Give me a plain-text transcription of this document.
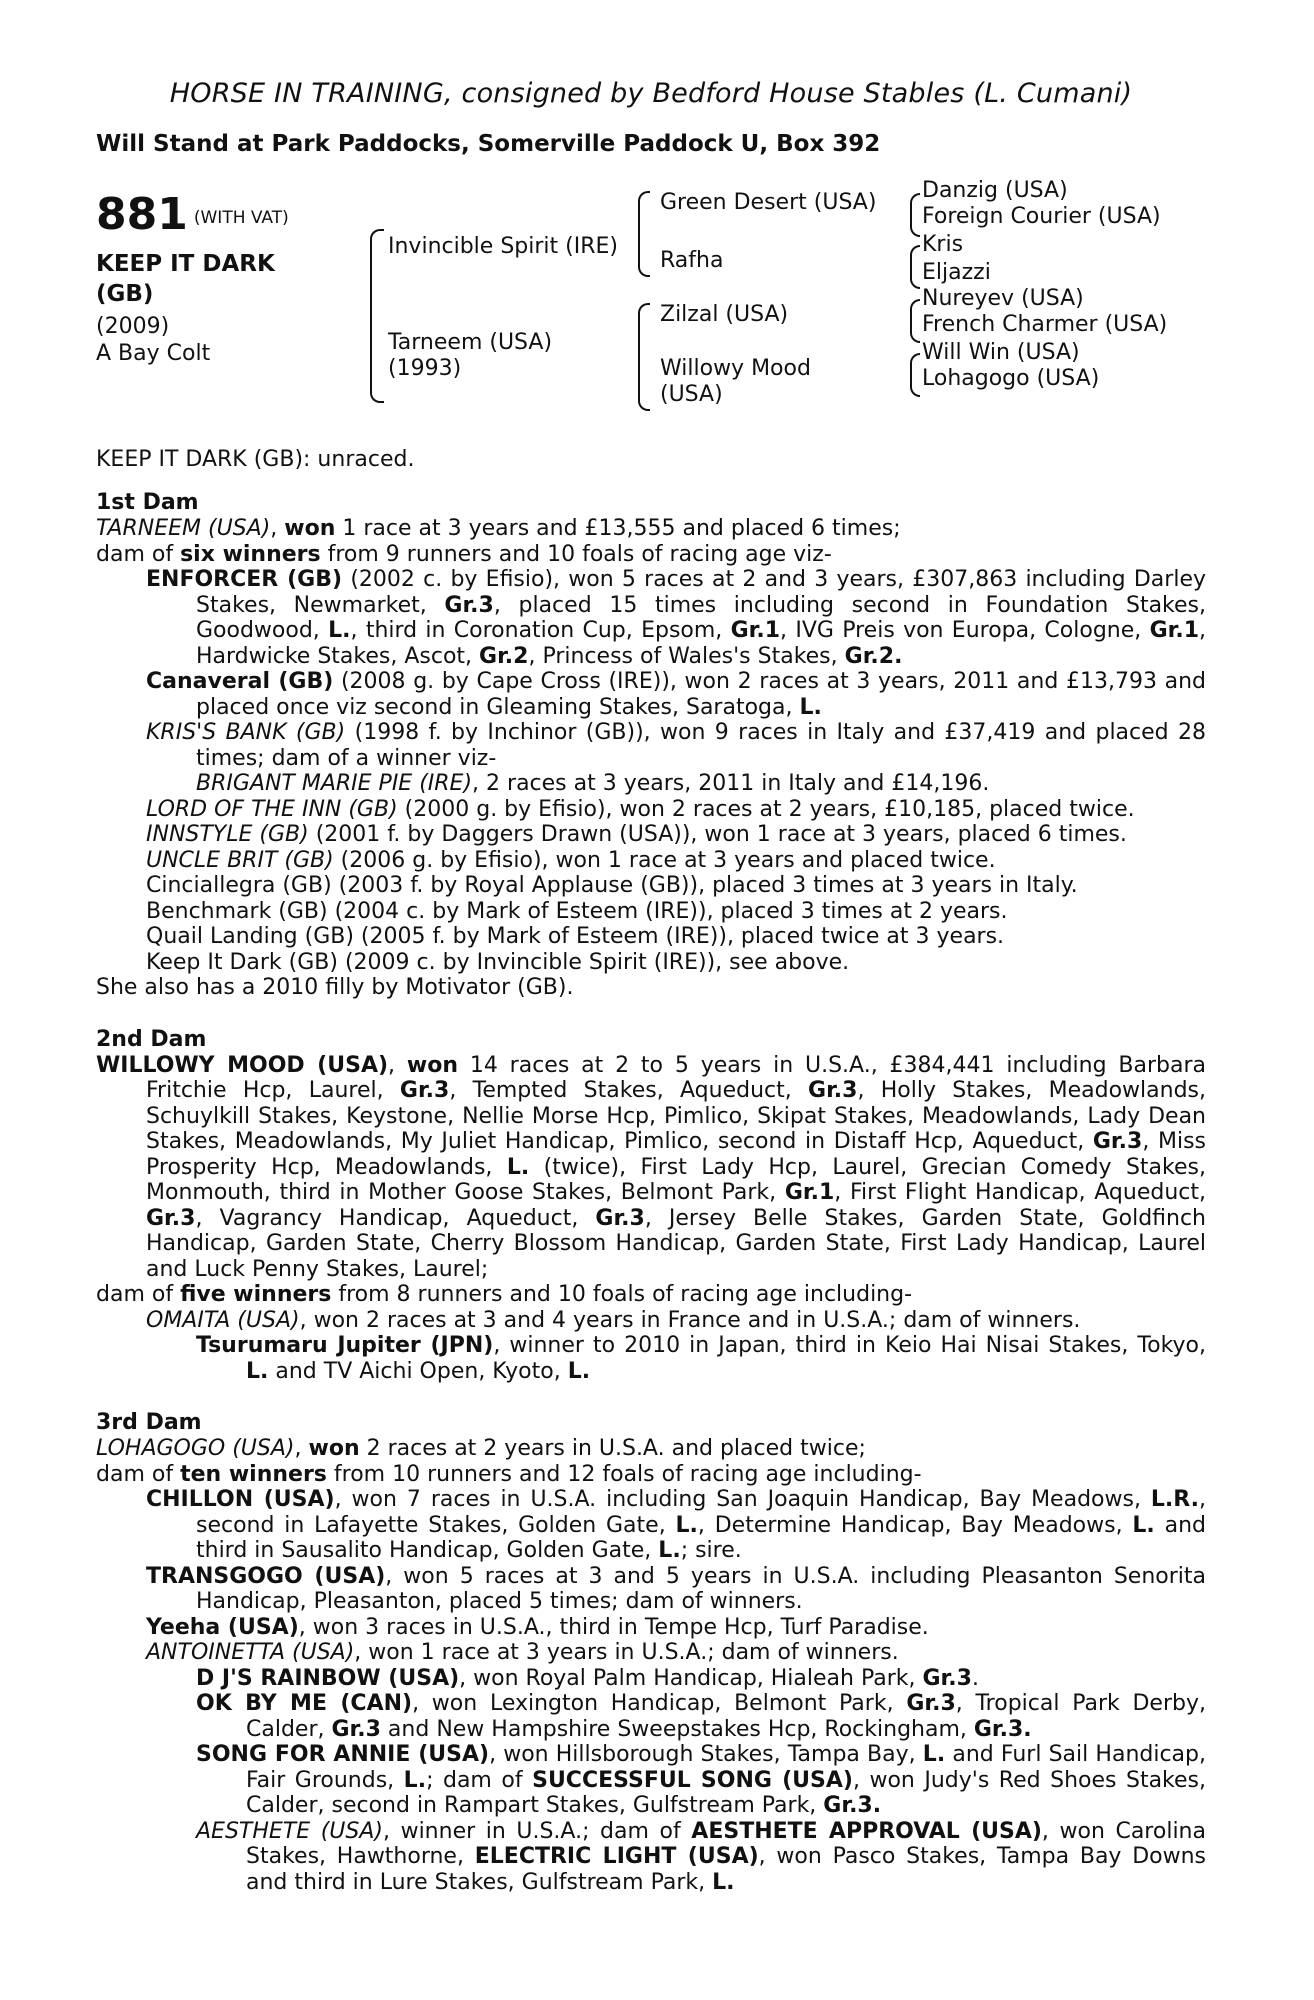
HORSE IN TRAINING, consigned by Bedford House Stables (L. Cumani)
Will Stand at Park Paddocks, Somerville Paddock U, Box 392
881 $^{(WITH VAT)}$
KEEP IT DARK (GB)
(2009)
A Bay Colt
Invincible Spirit (IRE)
Tarneem (USA)
(1993)
Green Desert (USA)
Rafha
Zilzal (USA)
Willowy Mood
(USA)
Danzig (USA)
Foreign Courier (USA)
Kris
Eljazzi
Nureyev (USA)
French Charmer (USA)
Will Win (USA)
Lohagogo (USA)
KEEP IT DARK (GB): unraced.
1st Dam

TARNEEM (USA), won 1 race at 3 years and £13,555 and placed 6 times;

dam of six winners from 9 runners and 10 foals of racing age viz-

ENFORCER (GB) (2002 c. by Efisio), won 5 races at 2 and 3 years, £307,863 including Darley Stakes, Newmarket, Gr.3, placed 15 times including second in Foundation Stakes, Goodwood, L., third in Coronation Cup, Epsom, Gr.1, IVG Preis von Europa, Cologne, Gr.1, Hardwicke Stakes, Ascot, Gr.2, Princess of Wales's Stakes, Gr.2.

Canaveral (GB) (2008 g. by Cape Cross (IRE)), won 2 races at 3 years, 2011 and £13,793 and placed once viz second in Gleaming Stakes, Saratoga, L.

KRIS'S BANK (GB) (1998 f. by Inchinor (GB)), won 9 races in Italy and £37,419 and placed 28 times; dam of a winner viz-

BRIGANT MARIE PIE (IRE), 2 races at 3 years, 2011 in Italy and £14,196.

LORD OF THE INN (GB) (2000 g. by Efisio), won 2 races at 2 years, £10,185, placed twice.

INNSTYLE (GB) (2001 f. by Daggers Drawn (USA)), won 1 race at 3 years, placed 6 times.

UNCLE BRIT (GB) (2006 g. by Efisio), won 1 race at 3 years and placed twice.

Cinciallegra (GB) (2003 f. by Royal Applause (GB)), placed 3 times at 3 years in Italy.

Benchmark (GB) (2004 c. by Mark of Esteem (IRE)), placed 3 times at 2 years.

Quail Landing (GB) (2005 f. by Mark of Esteem (IRE)), placed twice at 3 years.

Keep It Dark (GB) (2009 c. by Invincible Spirit (IRE)), see above.

She also has a 2010 filly by Motivator (GB).

2nd Dam

WILLOWY MOOD (USA), won 14 races at 2 to 5 years in U.S.A., £384,441 including Barbara Fritchie Hcp, Laurel, Gr.3, Tempted Stakes, Aqueduct, Gr.3, Holly Stakes, Meadowlands, Schuylkill Stakes, Keystone, Nellie Morse Hcp, Pimlico, Skipat Stakes, Meadowlands, Lady Dean Stakes, Meadowlands, My Juliet Handicap, Pimlico, second in Distaff Hcp, Aqueduct, Gr.3, Miss Prosperity Hcp, Meadowlands, L. (twice), First Lady Hcp, Laurel, Grecian Comedy Stakes, Monmouth, third in Mother Goose Stakes, Belmont Park, Gr.1, First Flight Handicap, Aqueduct, Gr.3, Vagrancy Handicap, Aqueduct, Gr.3, Jersey Belle Stakes, Garden State, Goldfinch Handicap, Garden State, Cherry Blossom Handicap, Garden State, First Lady Handicap, Laurel and Luck Penny Stakes, Laurel;

dam of five winners from 8 runners and 10 foals of racing age including-

OMAITA (USA), won 2 races at 3 and 4 years in France and in U.S.A.; dam of winners.

Tsurumaru Jupiter (JPN), winner to 2010 in Japan, third in Keio Hai Nisai Stakes, Tokyo, L. and TV Aichi Open, Kyoto, L.

3rd Dam

LOHAGOGO (USA), won 2 races at 2 years in U.S.A. and placed twice;

dam of ten winners from 10 runners and 12 foals of racing age including-

CHILLON (USA), won 7 races in U.S.A. including San Joaquin Handicap, Bay Meadows, L.R., second in Lafayette Stakes, Golden Gate, L., Determine Handicap, Bay Meadows, L. and third in Sausalito Handicap, Golden Gate, L.; sire.

TRANSGOGO (USA), won 5 races at 3 and 5 years in U.S.A. including Pleasanton Senorita Handicap, Pleasanton, placed 5 times; dam of winners.

Yeeha (USA), won 3 races in U.S.A., third in Tempe Hcp, Turf Paradise.

ANTOINETTA (USA), won 1 race at 3 years in U.S.A.; dam of winners.

D J'S RAINBOW (USA), won Royal Palm Handicap, Hialeah Park, Gr.3.

OK BY ME (CAN), won Lexington Handicap, Belmont Park, Gr.3, Tropical Park Derby, Calder, Gr.3 and New Hampshire Sweepstakes Hcp, Rockingham, Gr.3.

SONG FOR ANNIE (USA), won Hillsborough Stakes, Tampa Bay, L. and Furl Sail Handicap, Fair Grounds, L.; dam of SUCCESSFUL SONG (USA), won Judy's Red Shoes Stakes, Calder, second in Rampart Stakes, Gulfstream Park, Gr.3.

AESTHETE (USA), winner in U.S.A.; dam of AESTHETE APPROVAL (USA), won Carolina Stakes, Hawthorne, ELECTRIC LIGHT (USA), won Pasco Stakes, Tampa Bay Downs and third in Lure Stakes, Gulfstream Park, L.
